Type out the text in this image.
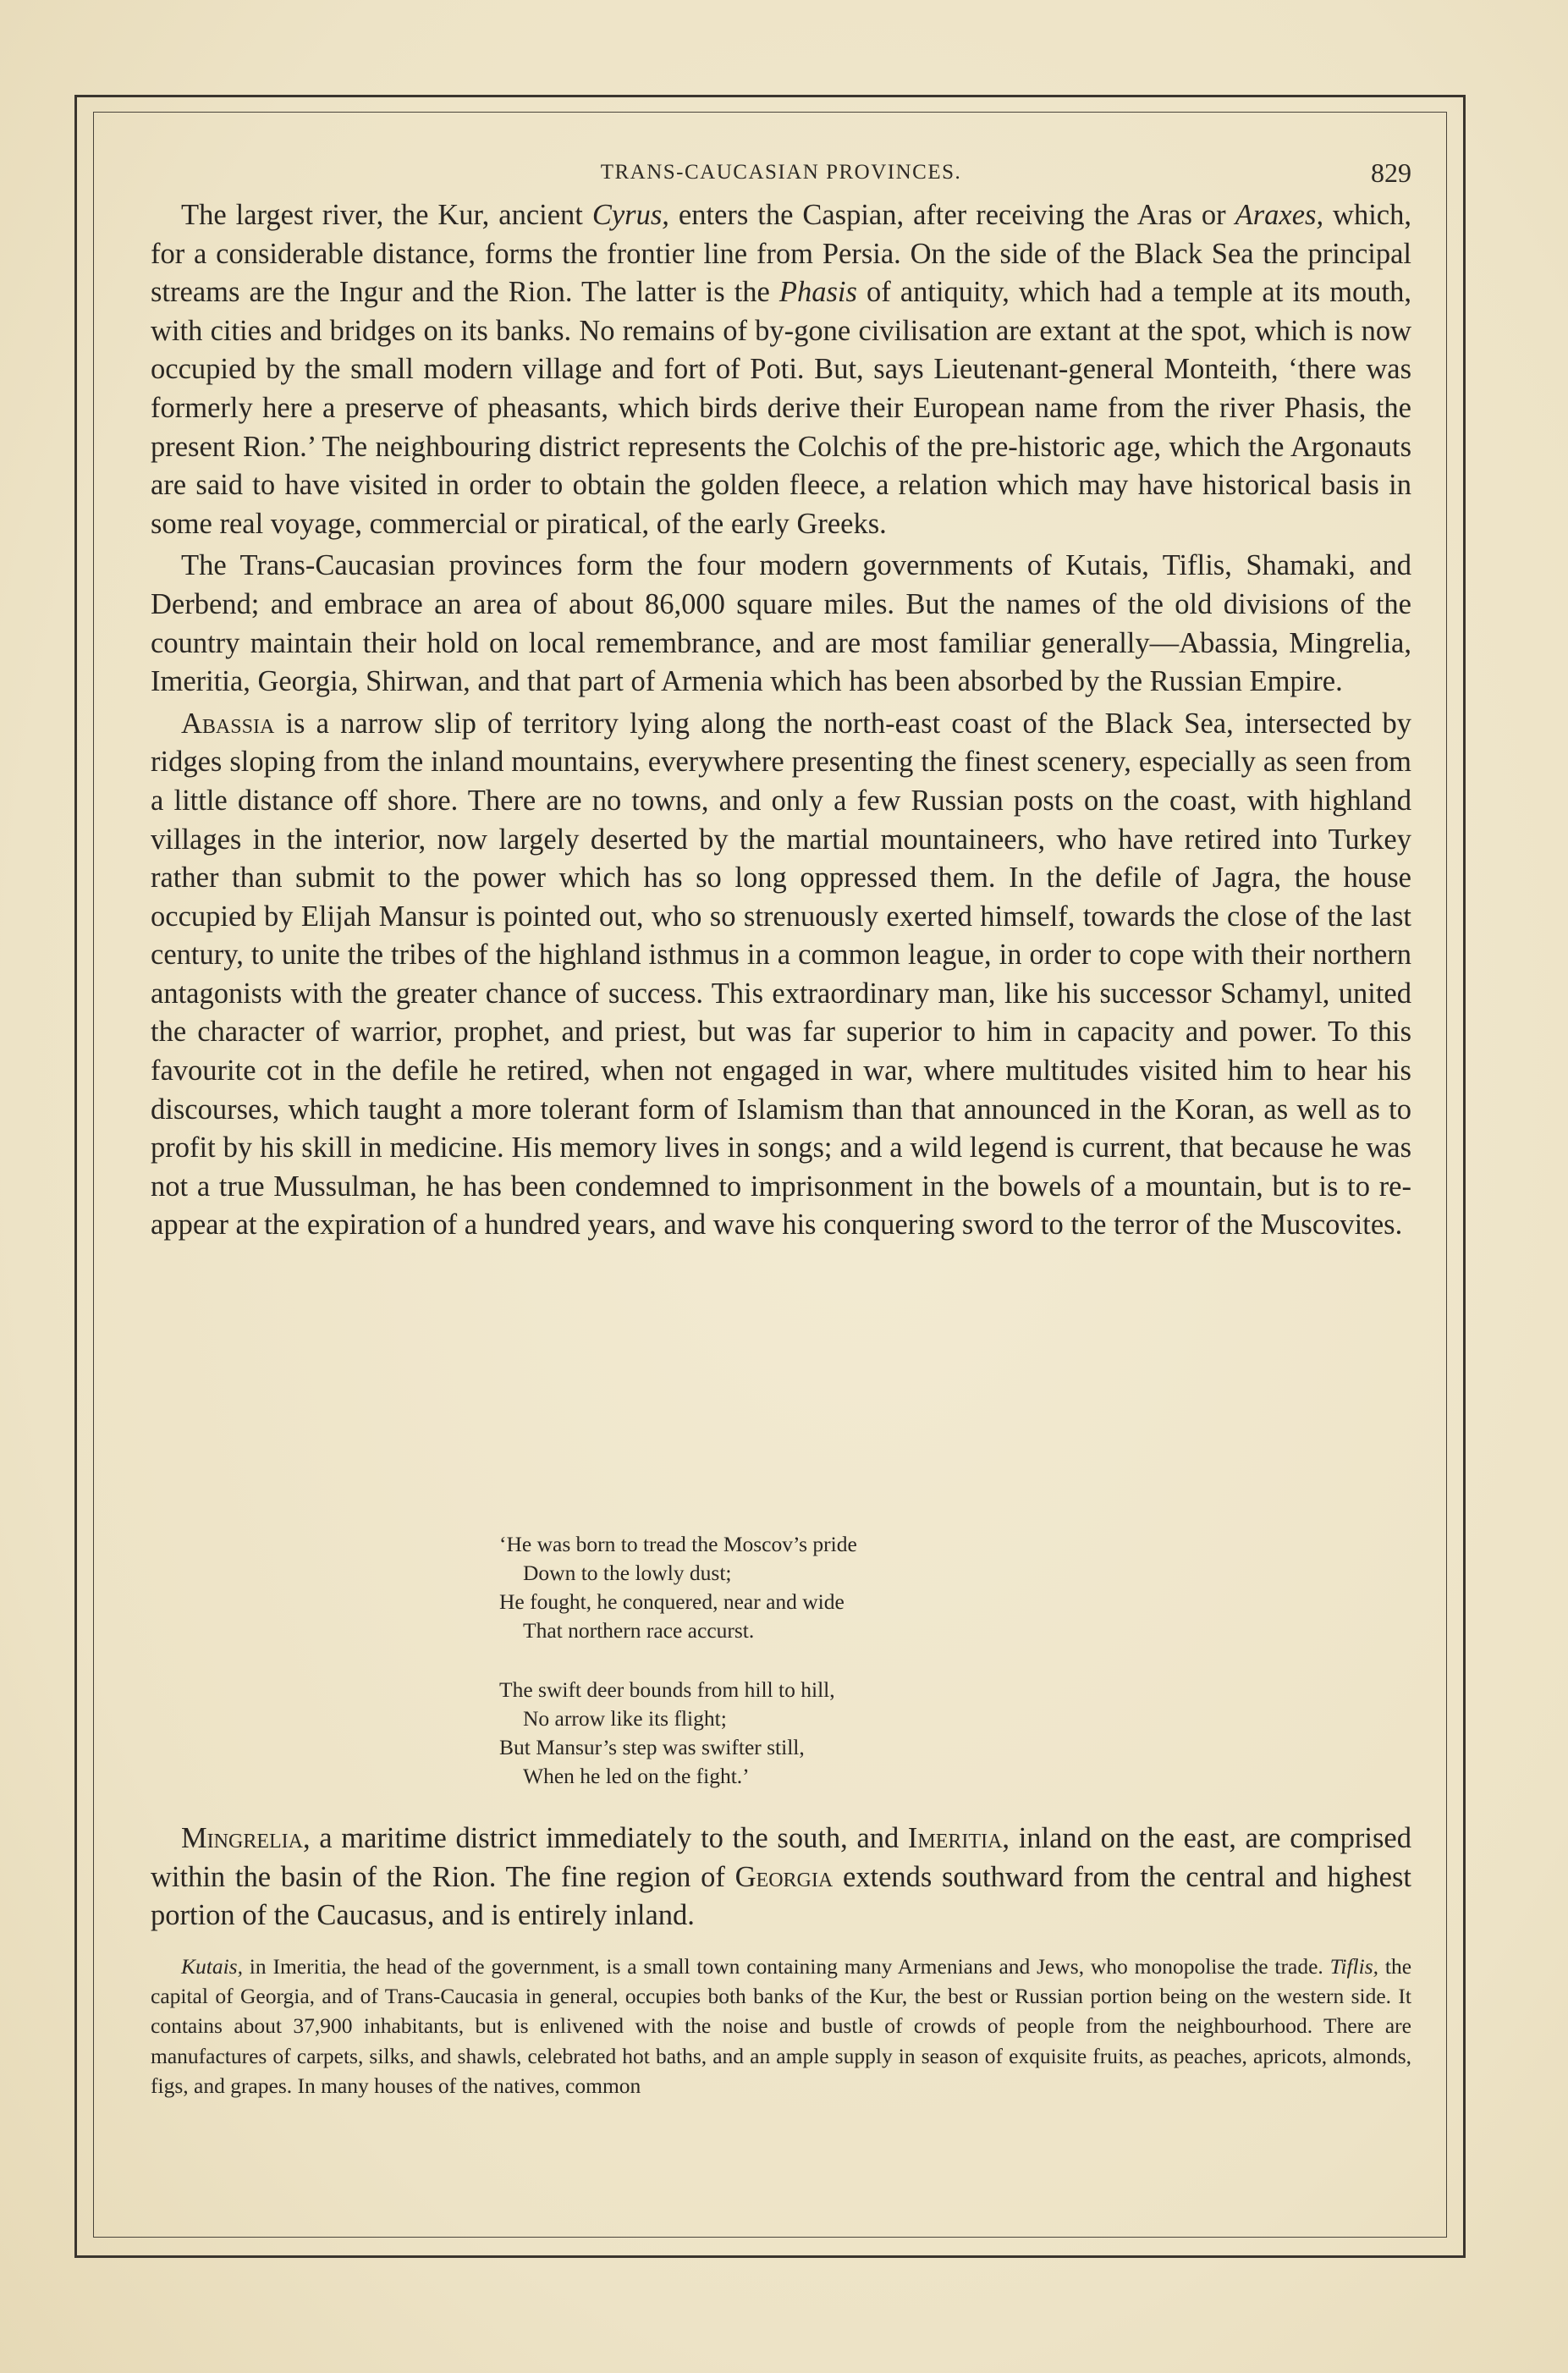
TRANS-CAUCASIAN PROVINCES.	829

The largest river, the Kur, ancient Cyrus, enters the Caspian, after receiving the Aras or Araxes, which, for a considerable distance, forms the frontier line from Persia. On the side of the Black Sea the principal streams are the Ingur and the Rion. The latter is the Phasis of antiquity, which had a temple at its mouth, with cities and bridges on its banks. No remains of by-gone civilisation are extant at the spot, which is now occupied by the small modern village and fort of Poti. But, says Lieutenant-general Monteith, ‘there was formerly here a preserve of pheasants, which birds derive their European name from the river Phasis, the present Rion.’ The neighbouring district represents the Colchis of the pre-historic age, which the Argonauts are said to have visited in order to obtain the golden fleece, a relation which may have historical basis in some real voyage, commercial or piratical, of the early Greeks.

The Trans-Caucasian provinces form the four modern governments of Kutais, Tiflis, Shamaki, and Derbend; and embrace an area of about 86,000 square miles. But the names of the old divisions of the country maintain their hold on local remembrance, and are most familiar generally—Abassia, Mingrelia, Imeritia, Georgia, Shirwan, and that part of Armenia which has been absorbed by the Russian Empire.

Abassia is a narrow slip of territory lying along the north-east coast of the Black Sea, intersected by ridges sloping from the inland mountains, everywhere presenting the finest scenery, especially as seen from a little distance off shore. There are no towns, and only a few Russian posts on the coast, with highland villages in the interior, now largely deserted by the martial mountaineers, who have retired into Turkey rather than submit to the power which has so long oppressed them. In the defile of Jagra, the house occupied by Elijah Mansur is pointed out, who so strenuously exerted himself, towards the close of the last century, to unite the tribes of the highland isthmus in a common league, in order to cope with their northern antagonists with the greater chance of success. This extraordinary man, like his successor Schamyl, united the character of warrior, prophet, and priest, but was far superior to him in capacity and power. To this favourite cot in the defile he retired, when not engaged in war, where multitudes visited him to hear his discourses, which taught a more tolerant form of Islamism than that announced in the Koran, as well as to profit by his skill in medicine. His memory lives in songs; and a wild legend is current, that because he was not a true Mussulman, he has been condemned to imprisonment in the bowels of a mountain, but is to re-appear at the expiration of a hundred years, and wave his conquering sword to the terror of the Muscovites.

‘He was born to tread the Moscov’s pride
Down to the lowly dust;
He fought, he conquered, near and wide
That northern race accurst.
The swift deer bounds from hill to hill,
No arrow like its flight;
But Mansur’s step was swifter still,
When he led on the fight.’

Mingrelia, a maritime district immediately to the south, and Imeritia, inland on the east, are comprised within the basin of the Rion. The fine region of Georgia extends southward from the central and highest portion of the Caucasus, and is entirely inland.

Kutais, in Imeritia, the head of the government, is a small town containing many Armenians and Jews, who monopolise the trade. Tiflis, the capital of Georgia, and of Trans-Caucasia in general, occupies both banks of the Kur, the best or Russian portion being on the western side. It contains about 37,900 inhabitants, but is enlivened with the noise and bustle of crowds of people from the neighbourhood. There are manufactures of carpets, silks, and shawls, celebrated hot baths, and an ample supply in season of exquisite fruits, as peaches, apricots, almonds, figs, and grapes. In many houses of the natives, common
